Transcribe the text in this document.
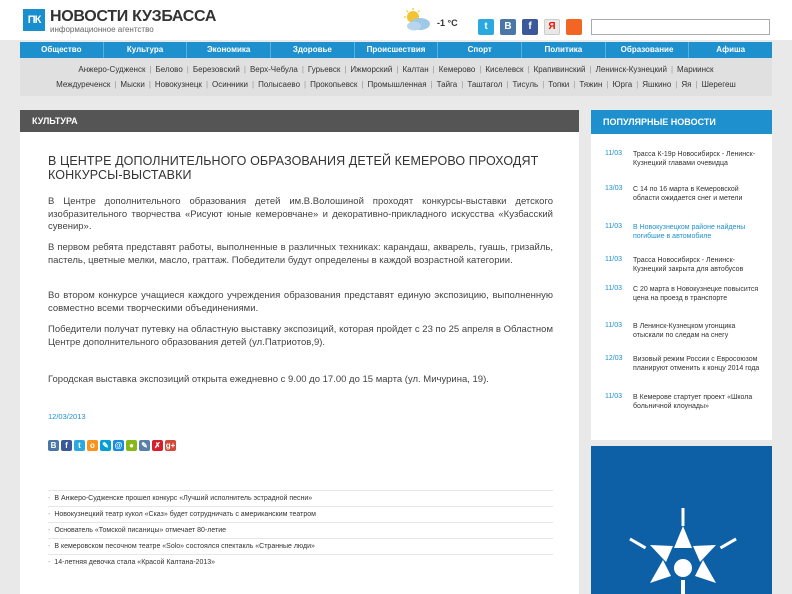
ПК НОВОСТИ КУЗБАССА
информационное агентство
-1 °С	t	B	f	Я
Общество	Культура	Экономика	Здоровье	Происшествия	Спорт	Политика	Образование	Афиша
Анжеро-Судженск | Белово | Березовский | Верх-Чебула | Гурьевск | Ижморский | Калтан | Кемерово | Киселевск | Крапивинский | Ленинск-Кузнецкий | Мариинск
Междуреченск | Мыски | Новокузнецк | Осинники | Полысаево | Прокопьевск | Промышленная | Тайга | Таштагол | Тисуль | Топки | Тяжин | Юрга | Яшкино | Яя | Шерегеш
КУЛЬТУРА
В ЦЕНТРЕ ДОПОЛНИТЕЛЬНОГО ОБРАЗОВАНИЯ ДЕТЕЙ КЕМЕРОВО ПРОХОДЯТ КОНКУРСЫ-ВЫСТАВКИ
В Центре дополнительного образования детей им.В.Волошиной проходят конкурсы-выставки детского изобразительного творчества «Рисуют юные кемеровчане» и декоративно-прикладного искусства «Кузбасский сувенир».
В первом ребята представят работы, выполненные в различных техниках: карандаш, акварель, гуашь, гризайль, пастель, цветные мелки, масло, граттаж. Победители будут определены в каждой возрастной категории.
Во втором конкурсе учащиеся каждого учреждения образования представят единую экспозицию, выполненную совместно всеми творческими объединениями.
Победители получат путевку на областную выставку экспозиций, которая пройдет с 23 по 25 апреля в Областном Центре дополнительного образования детей (ул.Патриотов,9).
Городская выставка экспозиций открыта ежедневно с 9.00 до 17.00 до 15 марта (ул. Мичурина, 19).
12/03/2013
B	f	t	о ✎ @ ● ✎ ✗ g+
- В Анжеро-Судженске прошел конкурс «Лучший исполнитель эстрадной песни»
- Новокузнецкий театр кукол «Сказ» будет сотрудничать с американским театром
- Основатель «Томской писаницы» отмечает 80-летие
- В кемеровском песочном театре «Solo» состоялся спектакль «Странные люди»
- 14-летняя девочка стала «Красой Калтана-2013»
ПОПУЛЯРНЫЕ НОВОСТИ
11/03 Трасса К-19р Новосибирск - Ленинск-Кузнецкий главами очевидца
13/03 С 14 по 16 марта в Кемеровской области ожидается снег и метели
11/03 В Новокузнецком районе найдены погибшие в автомобиле
11/03 Трасса Новосибирск - Ленинск-Кузнецкий закрыта для автобусов
11/03 С 20 марта в Новокузнецке повысится цена на проезд в транспорте
11/03 В Ленинск-Кузнецком угонщика отыскали по следам на снегу
12/03 Визовый режим России с Евросоюзом планируют отменить к концу 2014 года
11/03 В Кемерове стартует проект «Школа больничной клоунады»
